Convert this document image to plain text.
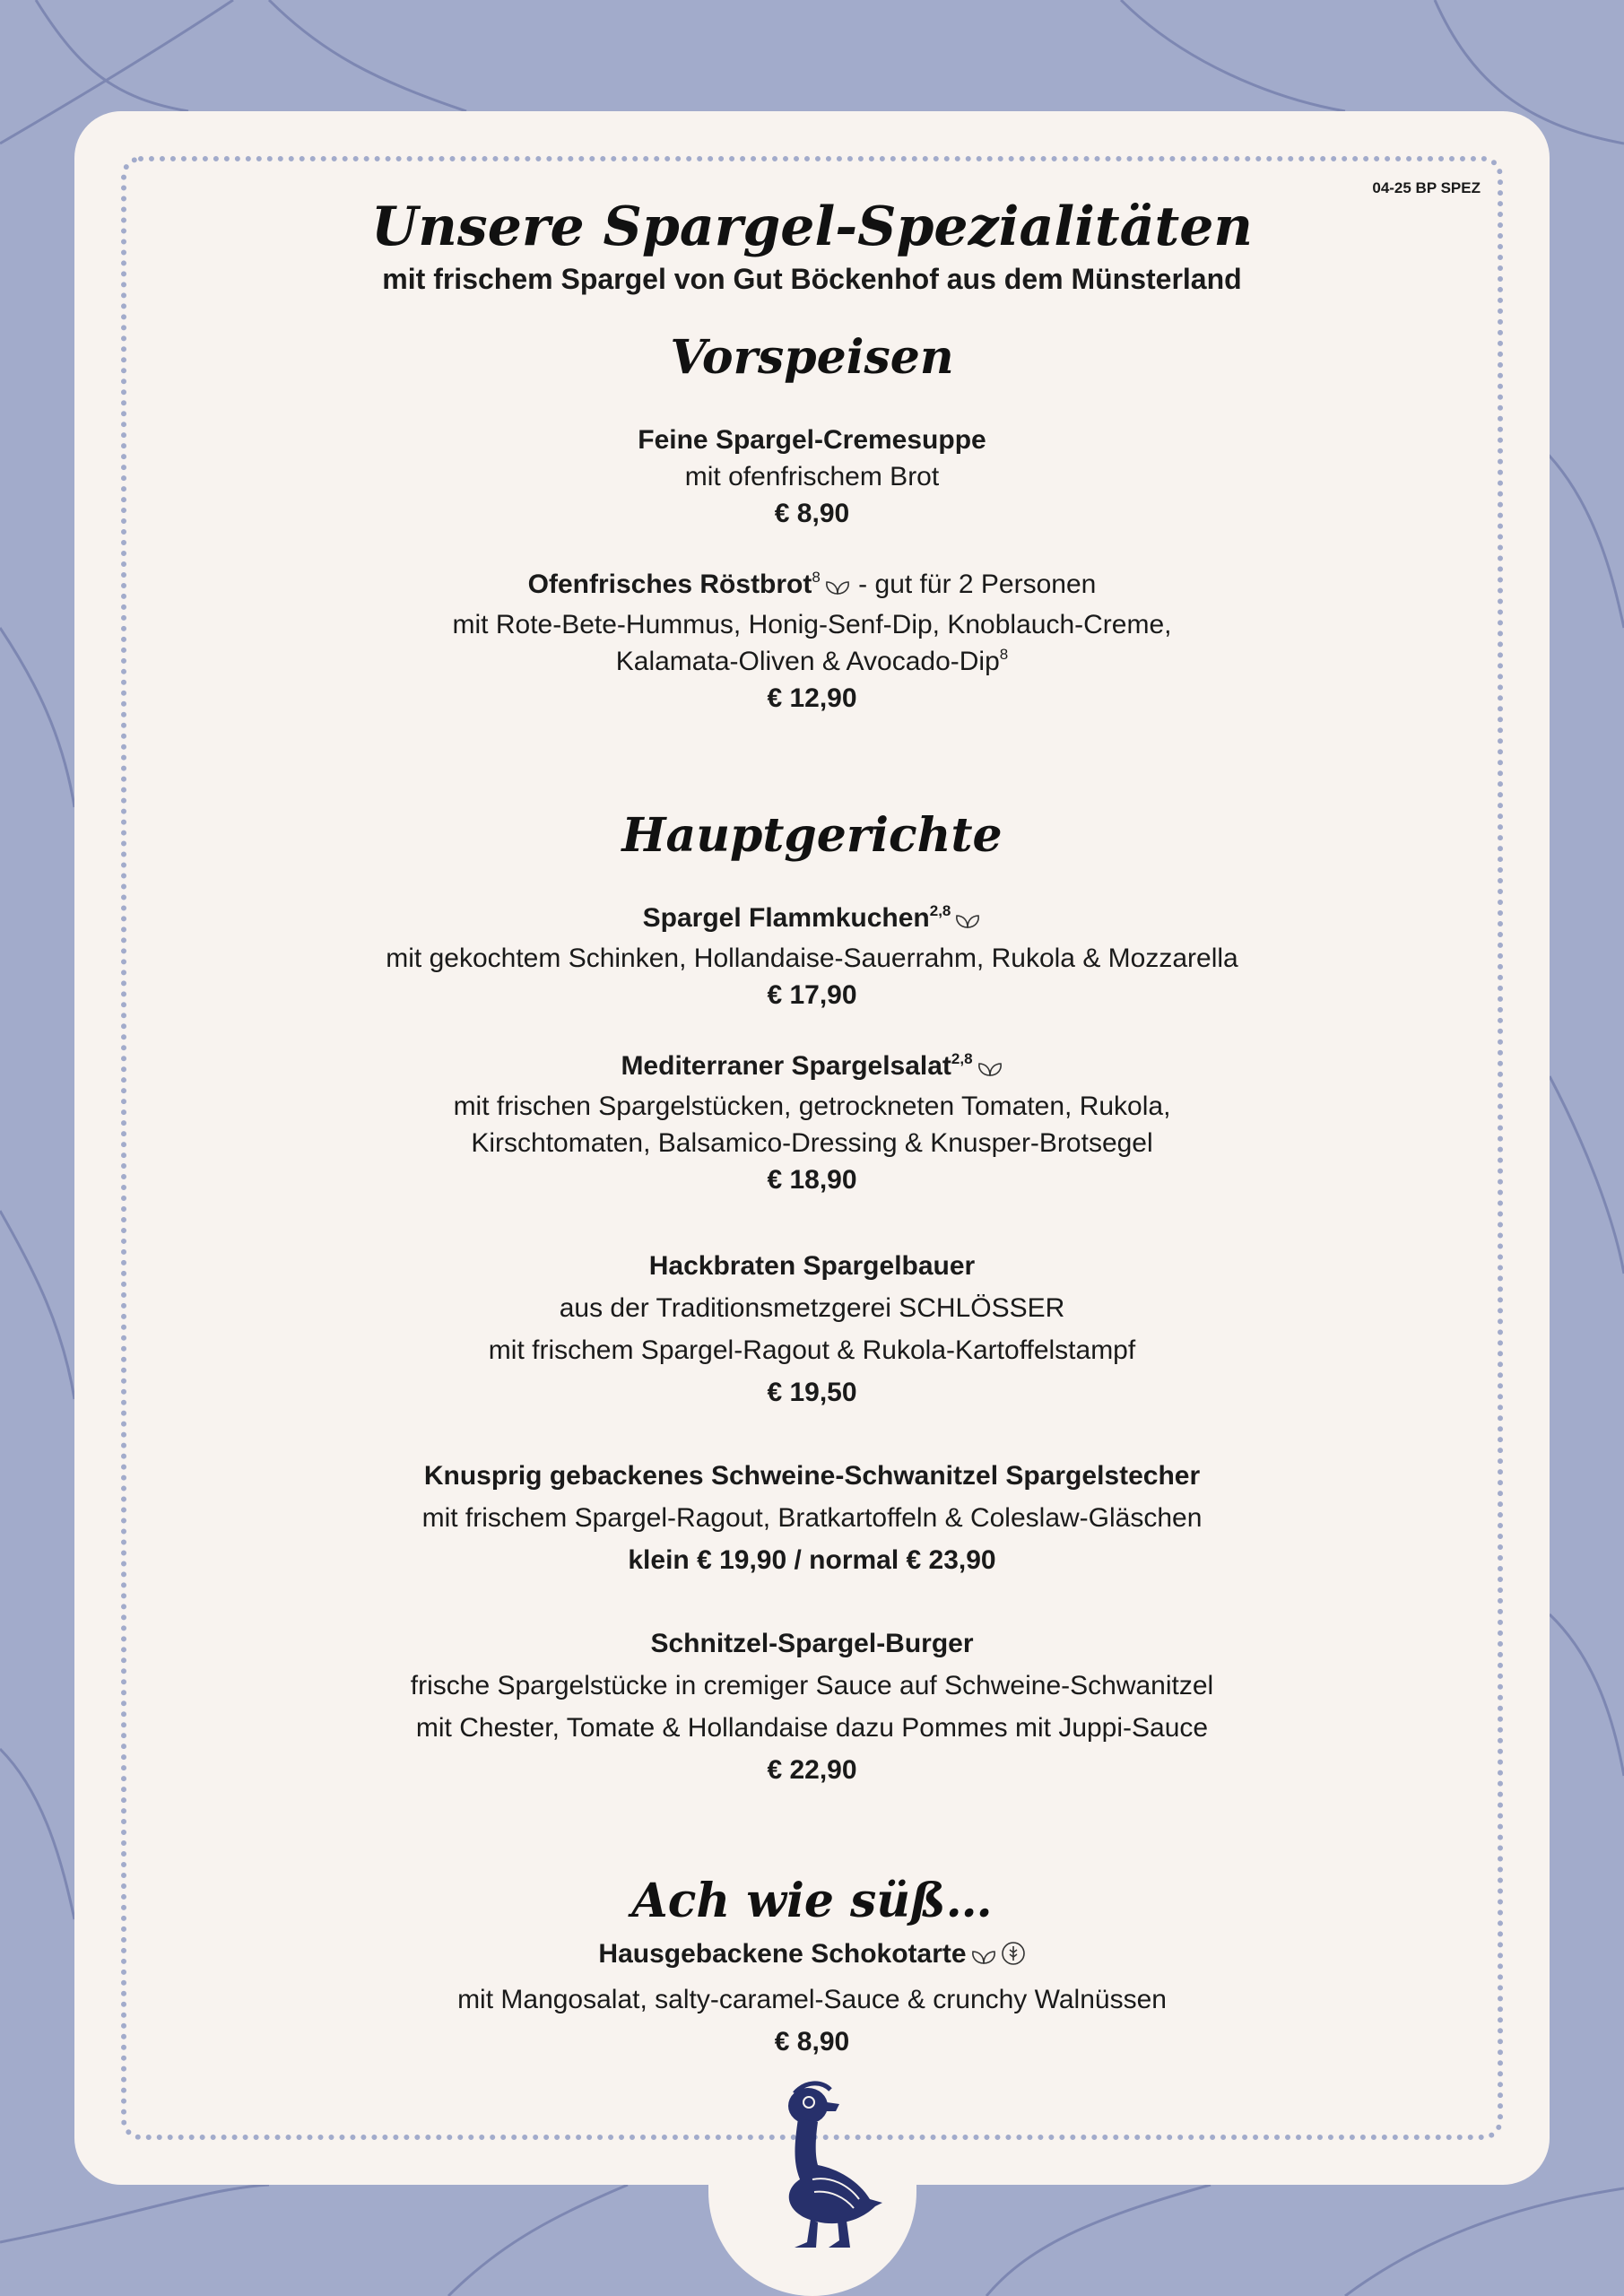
04-25 BP SPEZ
Unsere Spargel-Spezialitäten

mit frischem Spargel von Gut Böckenhof aus dem Münsterland

Vorspeisen
Feine Spargel-Cremesuppe
mit ofenfrischem Brot
€ 8,90
Ofenfrisches Röstbrot$^8$ - gut für 2 Personen
mit Rote-Bete-Hummus, Honig-Senf-Dip, Knoblauch-Creme,
Kalamata-Oliven & Avocado-Dip$^8$
€ 12,90
Hauptgerichte
Spargel Flammkuchen$^{2,8}$
mit gekochtem Schinken, Hollandaise-Sauerrahm, Rukola & Mozzarella
€ 17,90
Mediterraner Spargelsalat$^{2,8}$
mit frischen Spargelstücken, getrockneten Tomaten, Rukola,
Kirschtomaten, Balsamico-Dressing & Knusper-Brotsegel
€ 18,90
Hackbraten Spargelbauer
aus der Traditionsmetzgerei SCHLÖSSER
mit frischem Spargel-Ragout & Rukola-Kartoffelstampf
€ 19,50
Knusprig gebackenes Schweine-Schwanitzel Spargelstecher
mit frischem Spargel-Ragout, Bratkartoffeln & Coleslaw-Gläschen
klein € 19,90 / normal € 23,90
Schnitzel-Spargel-Burger
frische Spargelstücke in cremiger Sauce auf Schweine-Schwanitzel
mit Chester, Tomate & Hollandaise dazu Pommes mit Juppi-Sauce
€ 22,90
Ach wie süß…
Hausgebackene Schokotarte
mit Mangosalat, salty-caramel-Sauce & crunchy Walnüssen
€ 8,90
